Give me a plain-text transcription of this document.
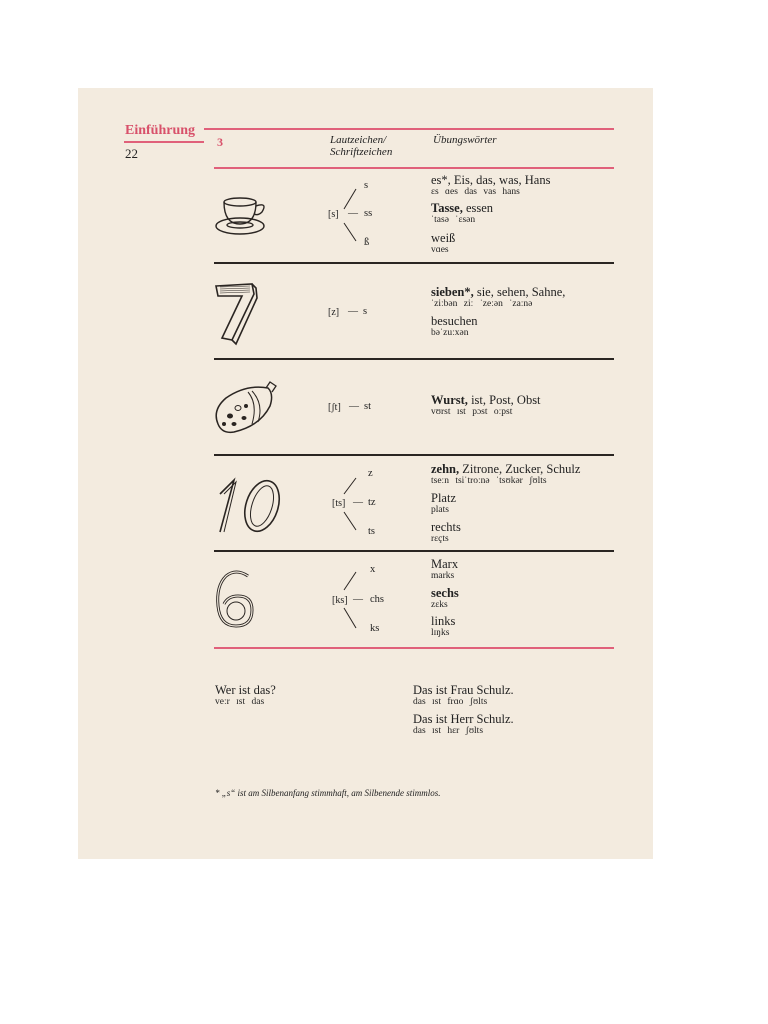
Einführung
22
3	Lautzeichen/
Schriftzeichen
Übungswörter
[s] —
s
ss
ß
es*, Eis, das, was, Hans
ɛs ɑes das vas hans
Tasse, essen
ˈtasə ˈɛsən
weiß
vɑes
[z] — s
sieben*, sie, sehen, Sahne,
ˈziːbən ziː ˈzeːən ˈzaːnə
besuchen
bəˈzuːxən
[ʃt] — st	Wurst, ist, Post, Obst
vʊrst ɪst pɔst oːpst
z
[ts] — tz
ts
zehn, Zitrone, Zucker, Schulz
tseːn tsiˈtroːnə ˈtsʊkər ʃʊlts
Platz
plats
rechts
rɛçts
x
[ks] — chs
ks
Marx
marks
sechs
zɛks
links
lɪŋks
Wer ist das?
veːr ɪst das
Das ist Frau Schulz.
das ɪst frɑo ʃʊlts
Das ist Herr Schulz.
das ɪst hɛr ʃʊlts
* „s“ ist am Silbenanfang stimmhaft, am Silbenende stimmlos.
